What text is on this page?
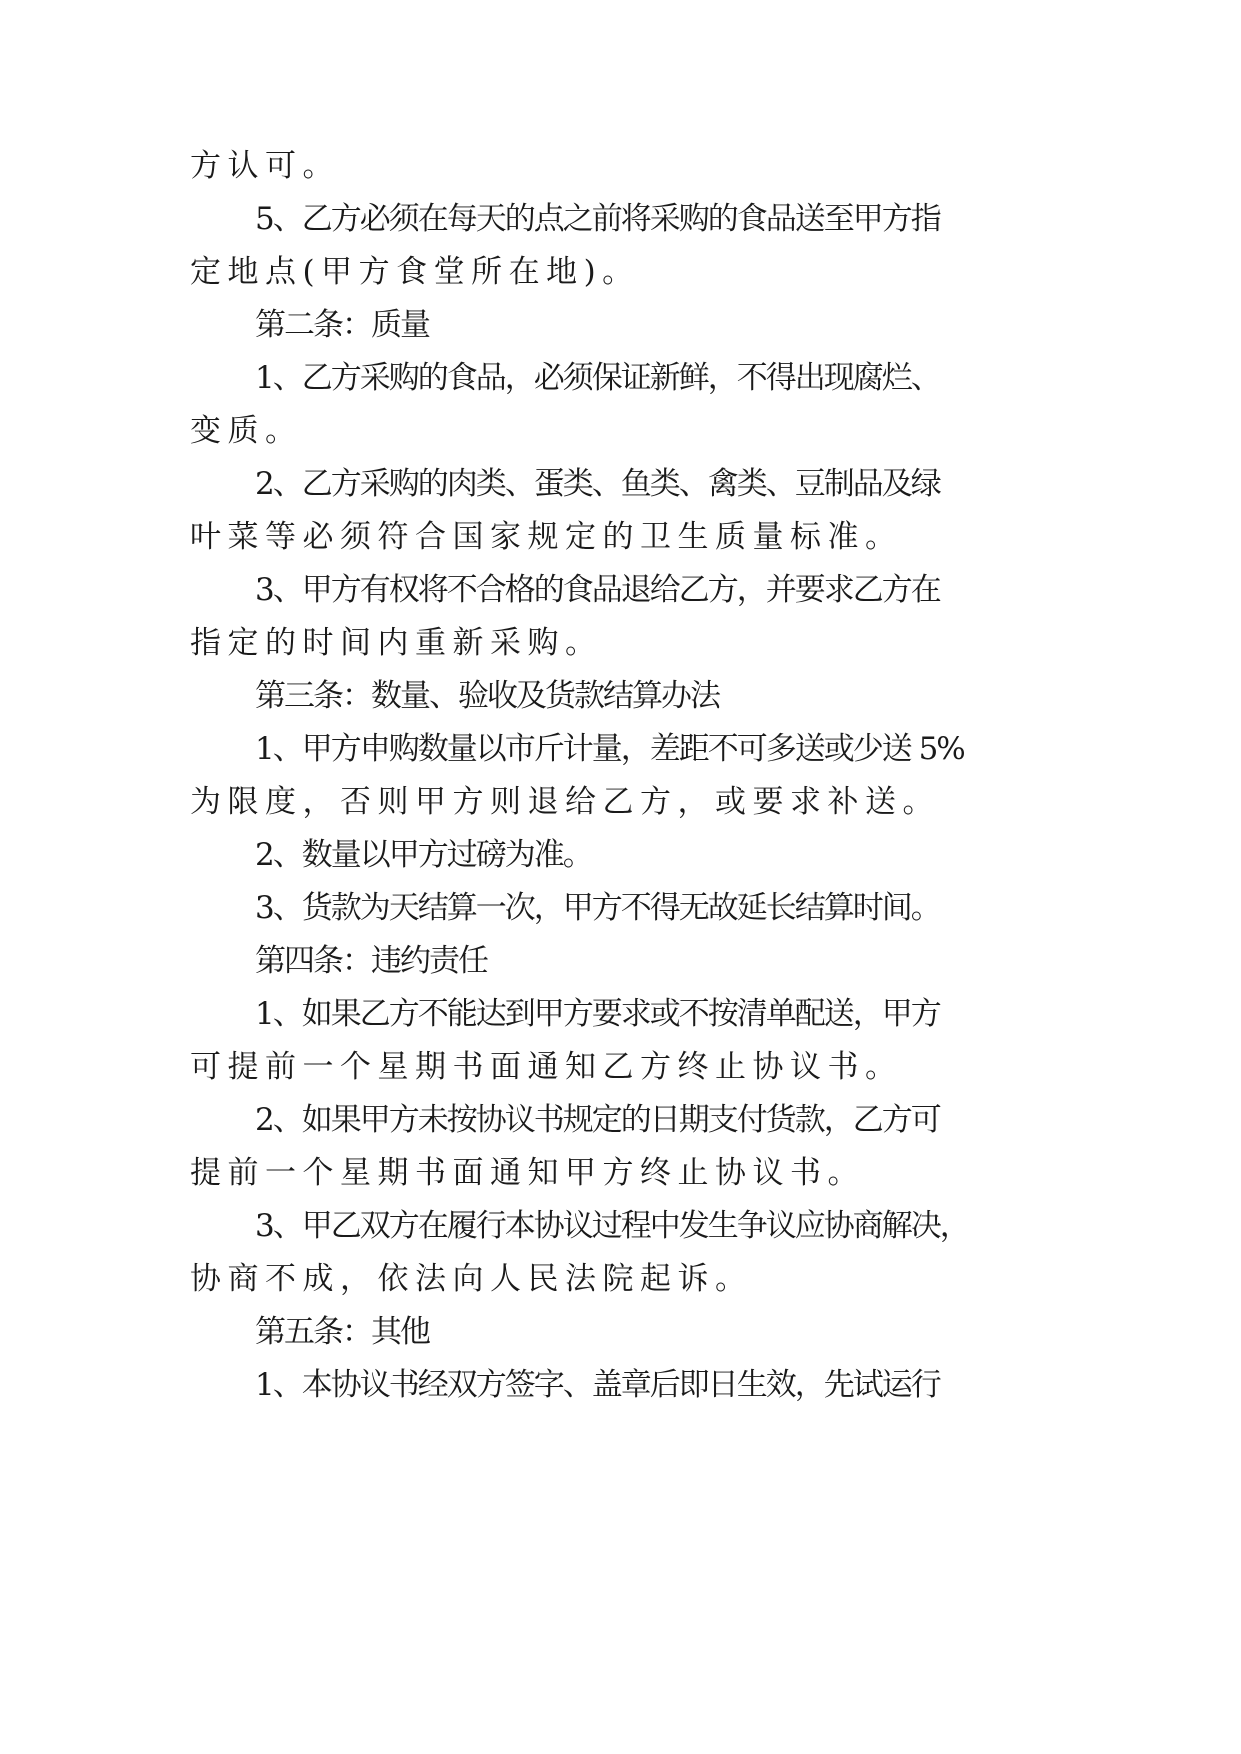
方认可。
5、乙方必须在每天的点之前将采购的食品送至甲方指
定地点(甲方食堂所在地)。
第二条：质量
1、乙方采购的食品，必须保证新鲜，不得出现腐烂、
变质。
2、乙方采购的肉类、蛋类、鱼类、禽类、豆制品及绿
叶菜等必须符合国家规定的卫生质量标准。
3、甲方有权将不合格的食品退给乙方，并要求乙方在
指定的时间内重新采购。
第三条：数量、验收及货款结算办法
1、甲方申购数量以市斤计量，差距不可多送或少送 5%
为限度，否则甲方则退给乙方，或要求补送。
2、数量以甲方过磅为准。
3、货款为天结算一次，甲方不得无故延长结算时间。
第四条：违约责任
1、如果乙方不能达到甲方要求或不按清单配送，甲方
可提前一个星期书面通知乙方终止协议书。
2、如果甲方未按协议书规定的日期支付货款，乙方可
提前一个星期书面通知甲方终止协议书。
3、甲乙双方在履行本协议过程中发生争议应协商解决，
协商不成，依法向人民法院起诉。
第五条：其他
1、本协议书经双方签字、盖章后即日生效，先试运行
